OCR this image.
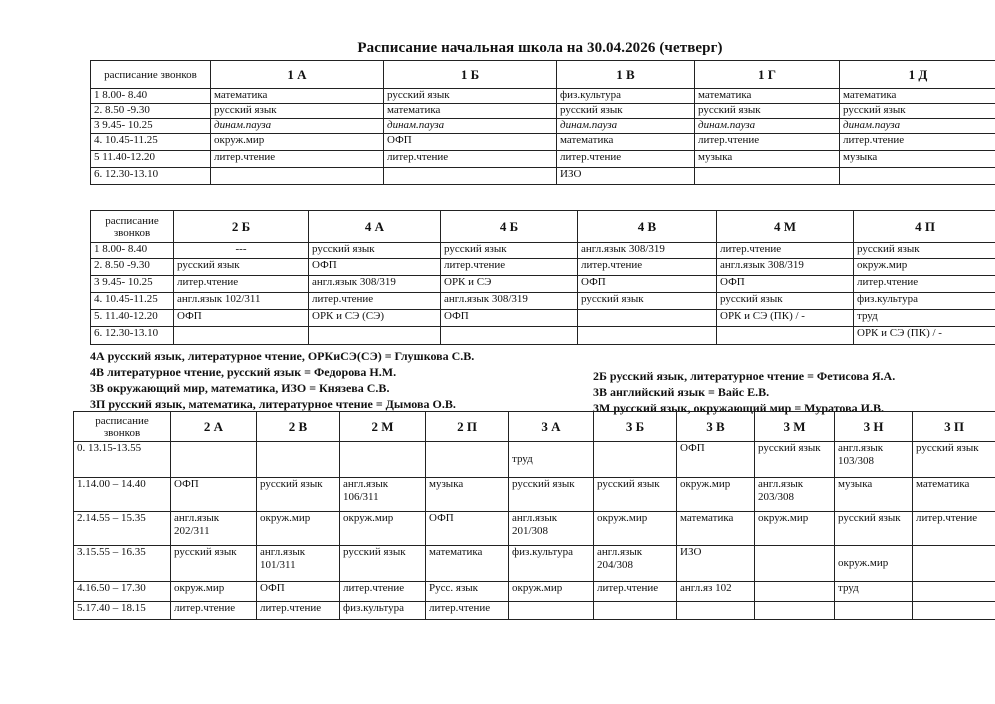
Расписание начальная школа на 30.04.2026 (четверг)
расписание звонков	1 А	1 Б	1 В	1 Г	1 Д
1 8.00- 8.40	математика	русский язык	физ.культура	математика	математика
2. 8.50 -9.30	русский язык	математика	русский язык	русский язык	русский язык
3 9.45- 10.25	динам.пауза	динам.пауза	динам.пауза	динам.пауза	динам.пауза
4. 10.45-11.25	окруж.мир	ОФП	математика	литер.чтение	литер.чтение
5 11.40-12.20	литер.чтение	литер.чтение	литер.чтение	музыка	музыка
6. 12.30-13.10			ИЗО		
расписание звонков	2 Б	4 А	4 Б	4 В	4 М	4 П
1 8.00- 8.40	---	русский язык	русский язык	англ.язык 308/319	литер.чтение	русский язык
2. 8.50 -9.30	русский язык	ОФП	литер.чтение	литер.чтение	англ.язык 308/319	окруж.мир
3 9.45- 10.25	литер.чтение	англ.язык 308/319	ОРК и СЭ	ОФП	ОФП	литер.чтение
4. 10.45-11.25	англ.язык 102/311	литер.чтение	англ.язык 308/319	русский язык	русский язык	физ.культура
5. 11.40-12.20	ОФП	ОРК и СЭ (СЭ)	ОФП		ОРК и СЭ (ПК) / -	труд
6. 12.30-13.10						ОРК и СЭ (ПК) / -
4А русский язык, литературное чтение, ОРКиСЭ(СЭ) = Глушкова С.В.
4В литературное чтение, русский язык = Федорова Н.М.
3В окружающий мир, математика, ИЗО = Князева С.В.
3П русский язык, математика, литературное чтение = Дымова О.В.
2Б русский язык, литературное чтение = Фетисова Я.А.
3В английский язык = Вайс Е.В.
3М русский язык, окружающий мир = Муратова И.В.
расписание звонков	2 А	2 В	2 М	2 П	3 А	3 Б	3 В	3 М	3 Н	3 П
0. 13.15-13.55					труд		ОФП	русский язык	англ.язык 103/308	русский язык
1.14.00 – 14.40	ОФП	русский язык	англ.язык 106/311	музыка	русский язык	русский язык	окруж.мир	англ.язык 203/308	музыка	математика
2.14.55 – 15.35	англ.язык 202/311	окруж.мир	окруж.мир	ОФП	англ.язык 201/308	окруж.мир	математика	окруж.мир	русский язык	литер.чтение
3.15.55 – 16.35	русский язык	англ.язык 101/311	русский язык	математика	физ.культура	англ.язык 204/308	ИЗО		окруж.мир	
4.16.50 – 17.30	окруж.мир	ОФП	литер.чтение	Русс. язык	окруж.мир	литер.чтение	англ.яз 102		труд	
5.17.40 – 18.15	литер.чтение	литер.чтение	физ.культура	литер.чтение						
